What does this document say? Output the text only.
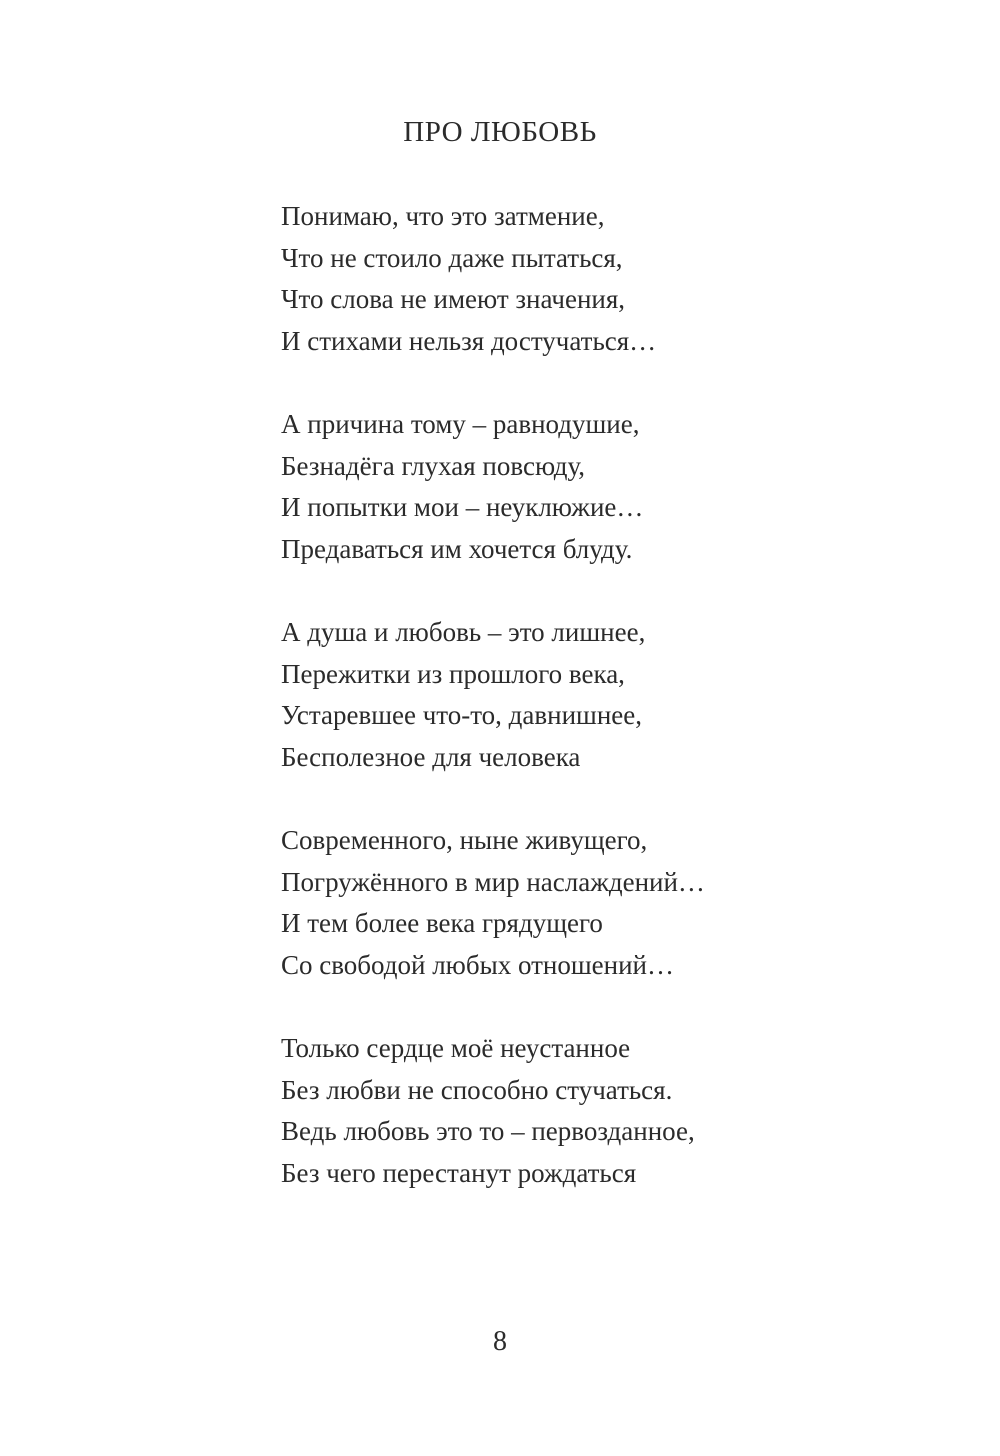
ПРО ЛЮБОВЬ
Понимаю, что это затмение,
Что не стоило даже пытаться,
Что слова не имеют значения,
И стихами нельзя достучаться…
А причина тому – равнодушие,
Безнадёга глухая повсюду,
И попытки мои – неуклюжие…
Предаваться им хочется блуду.
А душа и любовь – это лишнее,
Пережитки из прошлого века,
Устаревшее что-то, давнишнее,
Бесполезное для человека
Современного, ныне живущего,
Погружённого в мир наслаждений…
И тем более века грядущего
Со свободой любых отношений…
Только сердце моё неустанное
Без любви не способно стучаться.
Ведь любовь это то – первозданное,
Без чего перестанут рождаться
8
